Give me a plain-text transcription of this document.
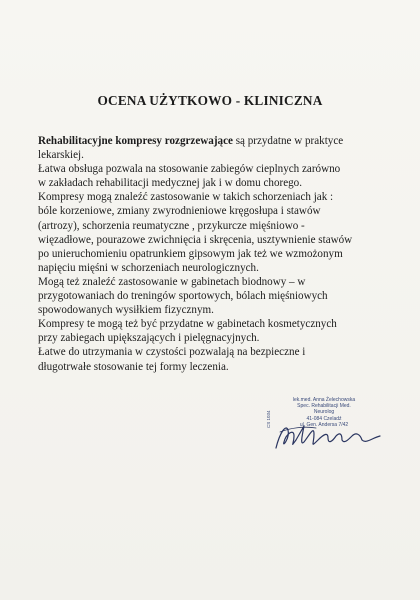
OCENA UŻYTKOWO - KLINICZNA

Rehabilitacyjne kompresy rozgrzewające są przydatne w praktyce
lekarskiej.

Łatwa obsługa pozwala na stosowanie zabiegów cieplnych zarówno
w zakładach rehabilitacji medycznej jak i w domu chorego.

Kompresy mogą znaleźć zastosowanie w takich schorzeniach jak :
bóle korzeniowe, zmiany zwyrodnieniowe kręgosłupa i stawów
(artrozy), schorzenia reumatyczne , przykurcze mięśniowo -
więzadłowe, pourazowe zwichnięcia i skręcenia, usztywnienie stawów
po unieruchomieniu opatrunkiem gipsowym jak też we wzmożonym
napięciu mięśni w schorzeniach neurologicznych.

Mogą też znaleźć zastosowanie w gabinetach biodnowy – w
przygotowaniach do treningów sportowych, bólach mięśniowych
spowodowanych wysiłkiem fizycznym.

Kompresy te mogą też być przydatne w gabinetach kosmetycznych
przy zabiegach upiększających i pielęgnacyjnych.

Łatwe do utrzymania w czystości pozwalają na bezpieczne i
długotrwałe stosowanie tej formy leczenia.

CS 1034
lek.med. Anna Żelechowska
Spec. Rehabilitacji Med.
Neurolog
41-084 Czeladź
ul. Gen. Andersa 7/42
